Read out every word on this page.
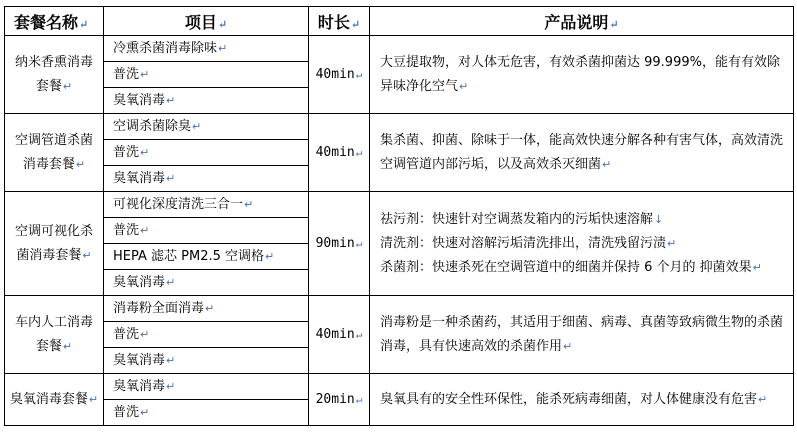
套餐名称↵	项目↵	时长↵	产品说明↵
纳米香熏消毒套餐↵	冷熏杀菌消毒除味↵	40min↵	大豆提取物，对人体无危害，有效杀菌抑菌达 99.999%，能有有效除异味净化空气↵
	普洗↵		
	臭氧消毒↵		
空调管道杀菌消毒套餐↵	空调杀菌除臭↵	40min↵	集杀菌、抑菌、除味于一体，能高效快速分解各种有害气体，高效清洗空调管道内部污垢，以及高效杀灭细菌↵
	普洗↵		
	臭氧消毒↵		
空调可视化杀菌消毒套餐↵	可视化深度清洗三合一↵	90min↵	祛污剂：快速针对空调蒸发箱内的污垢快速溶解↓
清洗剂：快速对溶解污垢清洗排出，清洗残留污渍↵
杀菌剂：快速杀死在空调管道中的细菌并保持 6 个月的 抑菌效果↵

	普洗↵		
	HEPA 滤芯 PM2.5 空调格↵		
	臭氧消毒↵		
车内人工消毒套餐↵	消毒粉全面消毒↵	40min↵	消毒粉是一种杀菌药，其适用于细菌、病毒、真菌等致病微生物的杀菌消毒，具有快速高效的杀菌作用↵
	普洗↵		
	臭氧消毒↵		
臭氧消毒套餐↵	臭氧消毒↵	20min↵	臭氧具有的安全性环保性，能杀死病毒细菌，对人体健康没有危害↵
	普洗↵		
